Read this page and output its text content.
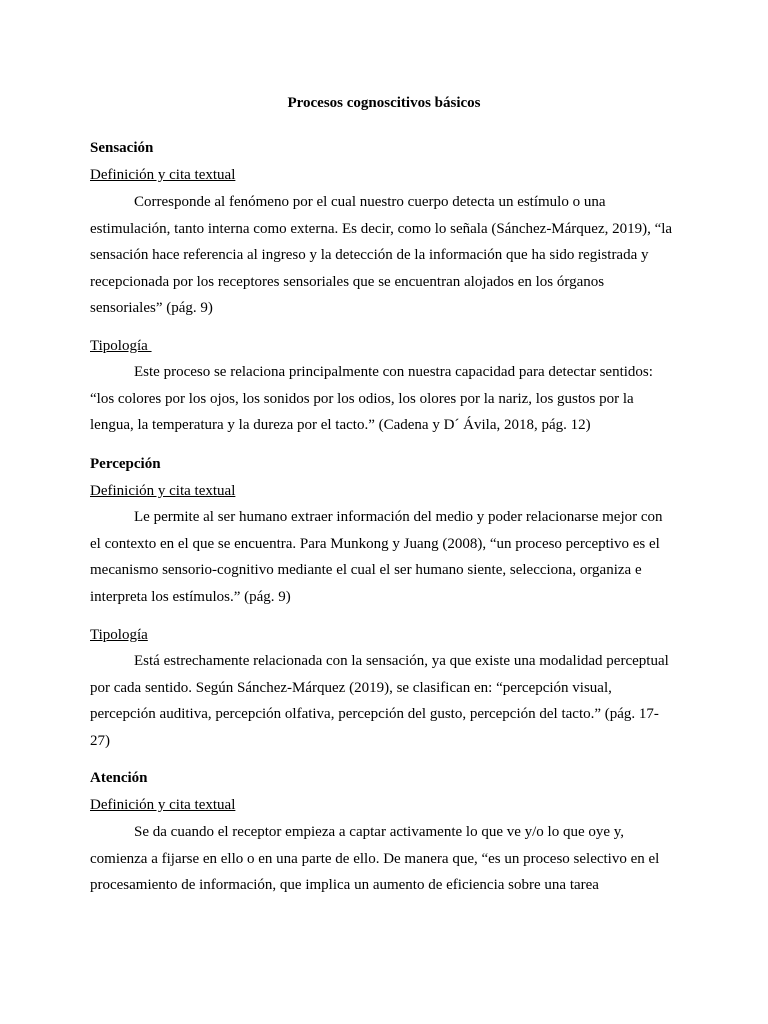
Procesos cognoscitivos básicos
Sensación
Definición y cita textual
Corresponde al fenómeno por el cual nuestro cuerpo detecta un estímulo o una
estimulación, tanto interna como externa. Es decir, como lo señala (Sánchez-Márquez, 2019), “la
sensación hace referencia al ingreso y la detección de la información que ha sido registrada y
recepcionada por los receptores sensoriales que se encuentran alojados en los órganos
sensoriales” (pág. 9)
Tipología
Este proceso se relaciona principalmente con nuestra capacidad para detectar sentidos:
“los colores por los ojos, los sonidos por los odios, los olores por la nariz, los gustos por la
lengua, la temperatura y la dureza por el tacto.” (Cadena y D´ Ávila, 2018, pág. 12)
Percepción
Definición y cita textual
Le permite al ser humano extraer información del medio y poder relacionarse mejor con
el contexto en el que se encuentra. Para Munkong y Juang (2008), “un proceso perceptivo es el
mecanismo sensorio-cognitivo mediante el cual el ser humano siente, selecciona, organiza e
interpreta los estímulos.” (pág. 9)
Tipología
Está estrechamente relacionada con la sensación, ya que existe una modalidad perceptual
por cada sentido. Según Sánchez-Márquez (2019), se clasifican en: “percepción visual,
percepción auditiva, percepción olfativa, percepción del gusto, percepción del tacto.” (pág. 17-
27)
Atención
Definición y cita textual
Se da cuando el receptor empieza a captar activamente lo que ve y/o lo que oye y,
comienza a fijarse en ello o en una parte de ello. De manera que, “es un proceso selectivo en el
procesamiento de información, que implica un aumento de eficiencia sobre una tarea
